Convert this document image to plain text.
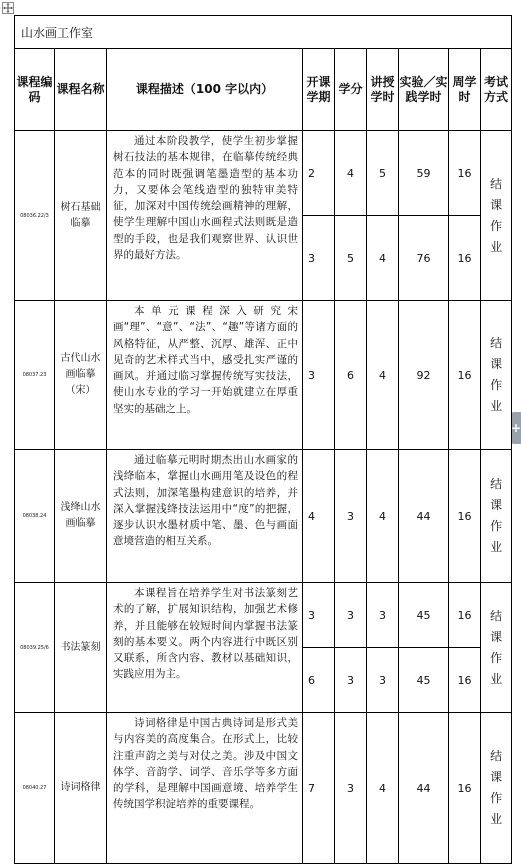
+
山水画工作室								
课程编码	课程名称	课程描述（100 字以内）	开课学期	学分	讲授学时	实验／实践学时	周学时	考试方式
08036.22/3	树石基础临摹	通过本阶段教学，使学生初步掌握树石技法的基本规律，在临摹传统经典范本的同时既强调笔墨造型的基本功力，又要体会笔线造型的独特审美特征，加深对中国传统绘画精神的理解，使学生理解中国山水画程式法则既是造型的手段，也是我们观察世界、认识世界的最好方法。	2	4	5	59	16	结课作业

			3	5	4	76	16	
08037.23	古代山水画临摹（宋）	本单元课程深入研究宋画“理”、“意”、“法”、“趣”等诸方面的风格特征，从严整、沉厚、雄浑、正中见奇的艺术样式当中，感受扎实严谨的画风。并通过临习掌握传统写实技法，使山水专业的学习一开始就建立在厚重坚实的基础之上。	3	6	4	92	16	结课作业

08038.24	浅绛山水画临摹	通过临摹元明时期杰出山水画家的浅绛临本，掌握山水画用笔及设色的程式法则，加深笔墨构建意识的培养，并深入掌握浅绛技法运用中“度”的把握，逐步认识水墨材质中笔、墨、色与画面意境营造的相互关系。	4	3	4	44	16	结课作业

08039.25/6	书法篆刻	本课程旨在培养学生对书法篆刻艺术的了解，扩展知识结构，加强艺术修养，并且能够在较短时间内掌握书法篆刻的基本要义。两个内容进行中既区别又联系，所含内容、教材以基础知识，实践应用为主。	3	3	3	45	16	结课作业

			6	3	3	45	16	
08040.27	诗词格律	诗词格律是中国古典诗词是形式美与内容美的高度集合。在形式上，比较注重声韵之美与对仗之美。涉及中国文体学、音韵学、词学、音乐学等多方面的学科，是理解中国画意境、培养学生传统国学积淀培养的重要课程。	7	3	4	44	16	结课作业
